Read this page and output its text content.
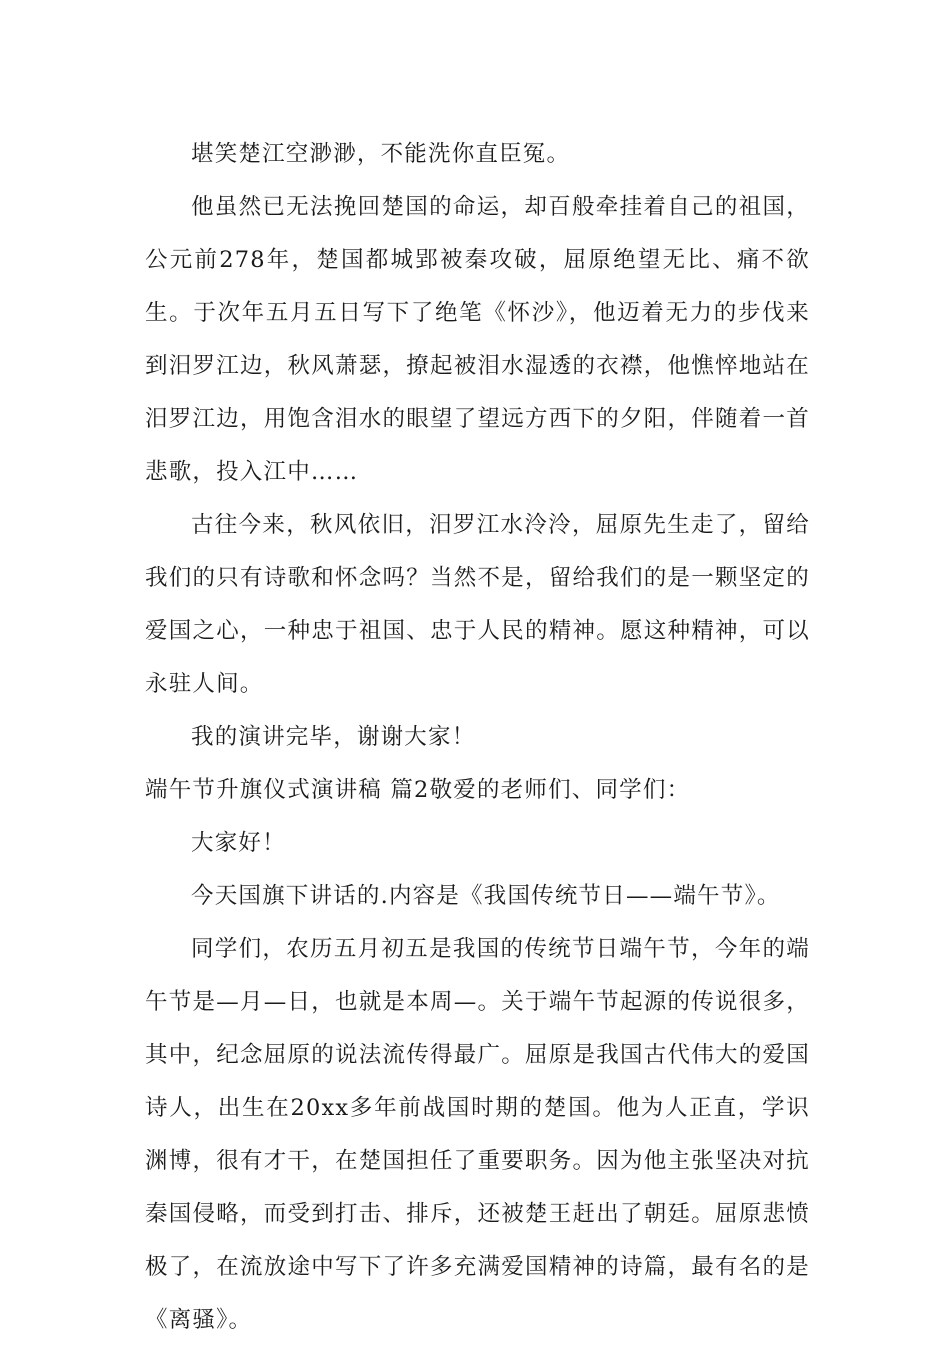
堪笑楚江空渺渺，不能洗你直臣冤。

他虽然已无法挽回楚国的命运，却百般牵挂着自己的祖国，公元前278年，楚国都城郢被秦攻破，屈原绝望无比、痛不欲生。于次年五月五日写下了绝笔《怀沙》，他迈着无力的步伐来到汨罗江边，秋风萧瑟，撩起被泪水湿透的衣襟，他憔悴地站在汨罗江边，用饱含泪水的眼望了望远方西下的夕阳，伴随着一首悲歌，投入江中……

古往今来，秋风依旧，汨罗江水泠泠，屈原先生走了，留给我们的只有诗歌和怀念吗？当然不是，留给我们的是一颗坚定的爱国之心，一种忠于祖国、忠于人民的精神。愿这种精神，可以永驻人间。

我的演讲完毕，谢谢大家！

端午节升旗仪式演讲稿 篇2敬爱的老师们、同学们：

大家好！

今天国旗下讲话的.内容是《我国传统节日——端午节》。

同学们，农历五月初五是我国的传统节日端午节，今年的端午节是—月—日，也就是本周—。关于端午节起源的传说很多，其中，纪念屈原的说法流传得最广。屈原是我国古代伟大的爱国诗人，出生在20xx多年前战国时期的楚国。他为人正直，学识渊博，很有才干，在楚国担任了重要职务。因为他主张坚决对抗秦国侵略，而受到打击、排斥，还被楚王赶出了朝廷。屈原悲愤极了，在流放途中写下了许多充满爱国精神的诗篇，最有名的是《离骚》。
